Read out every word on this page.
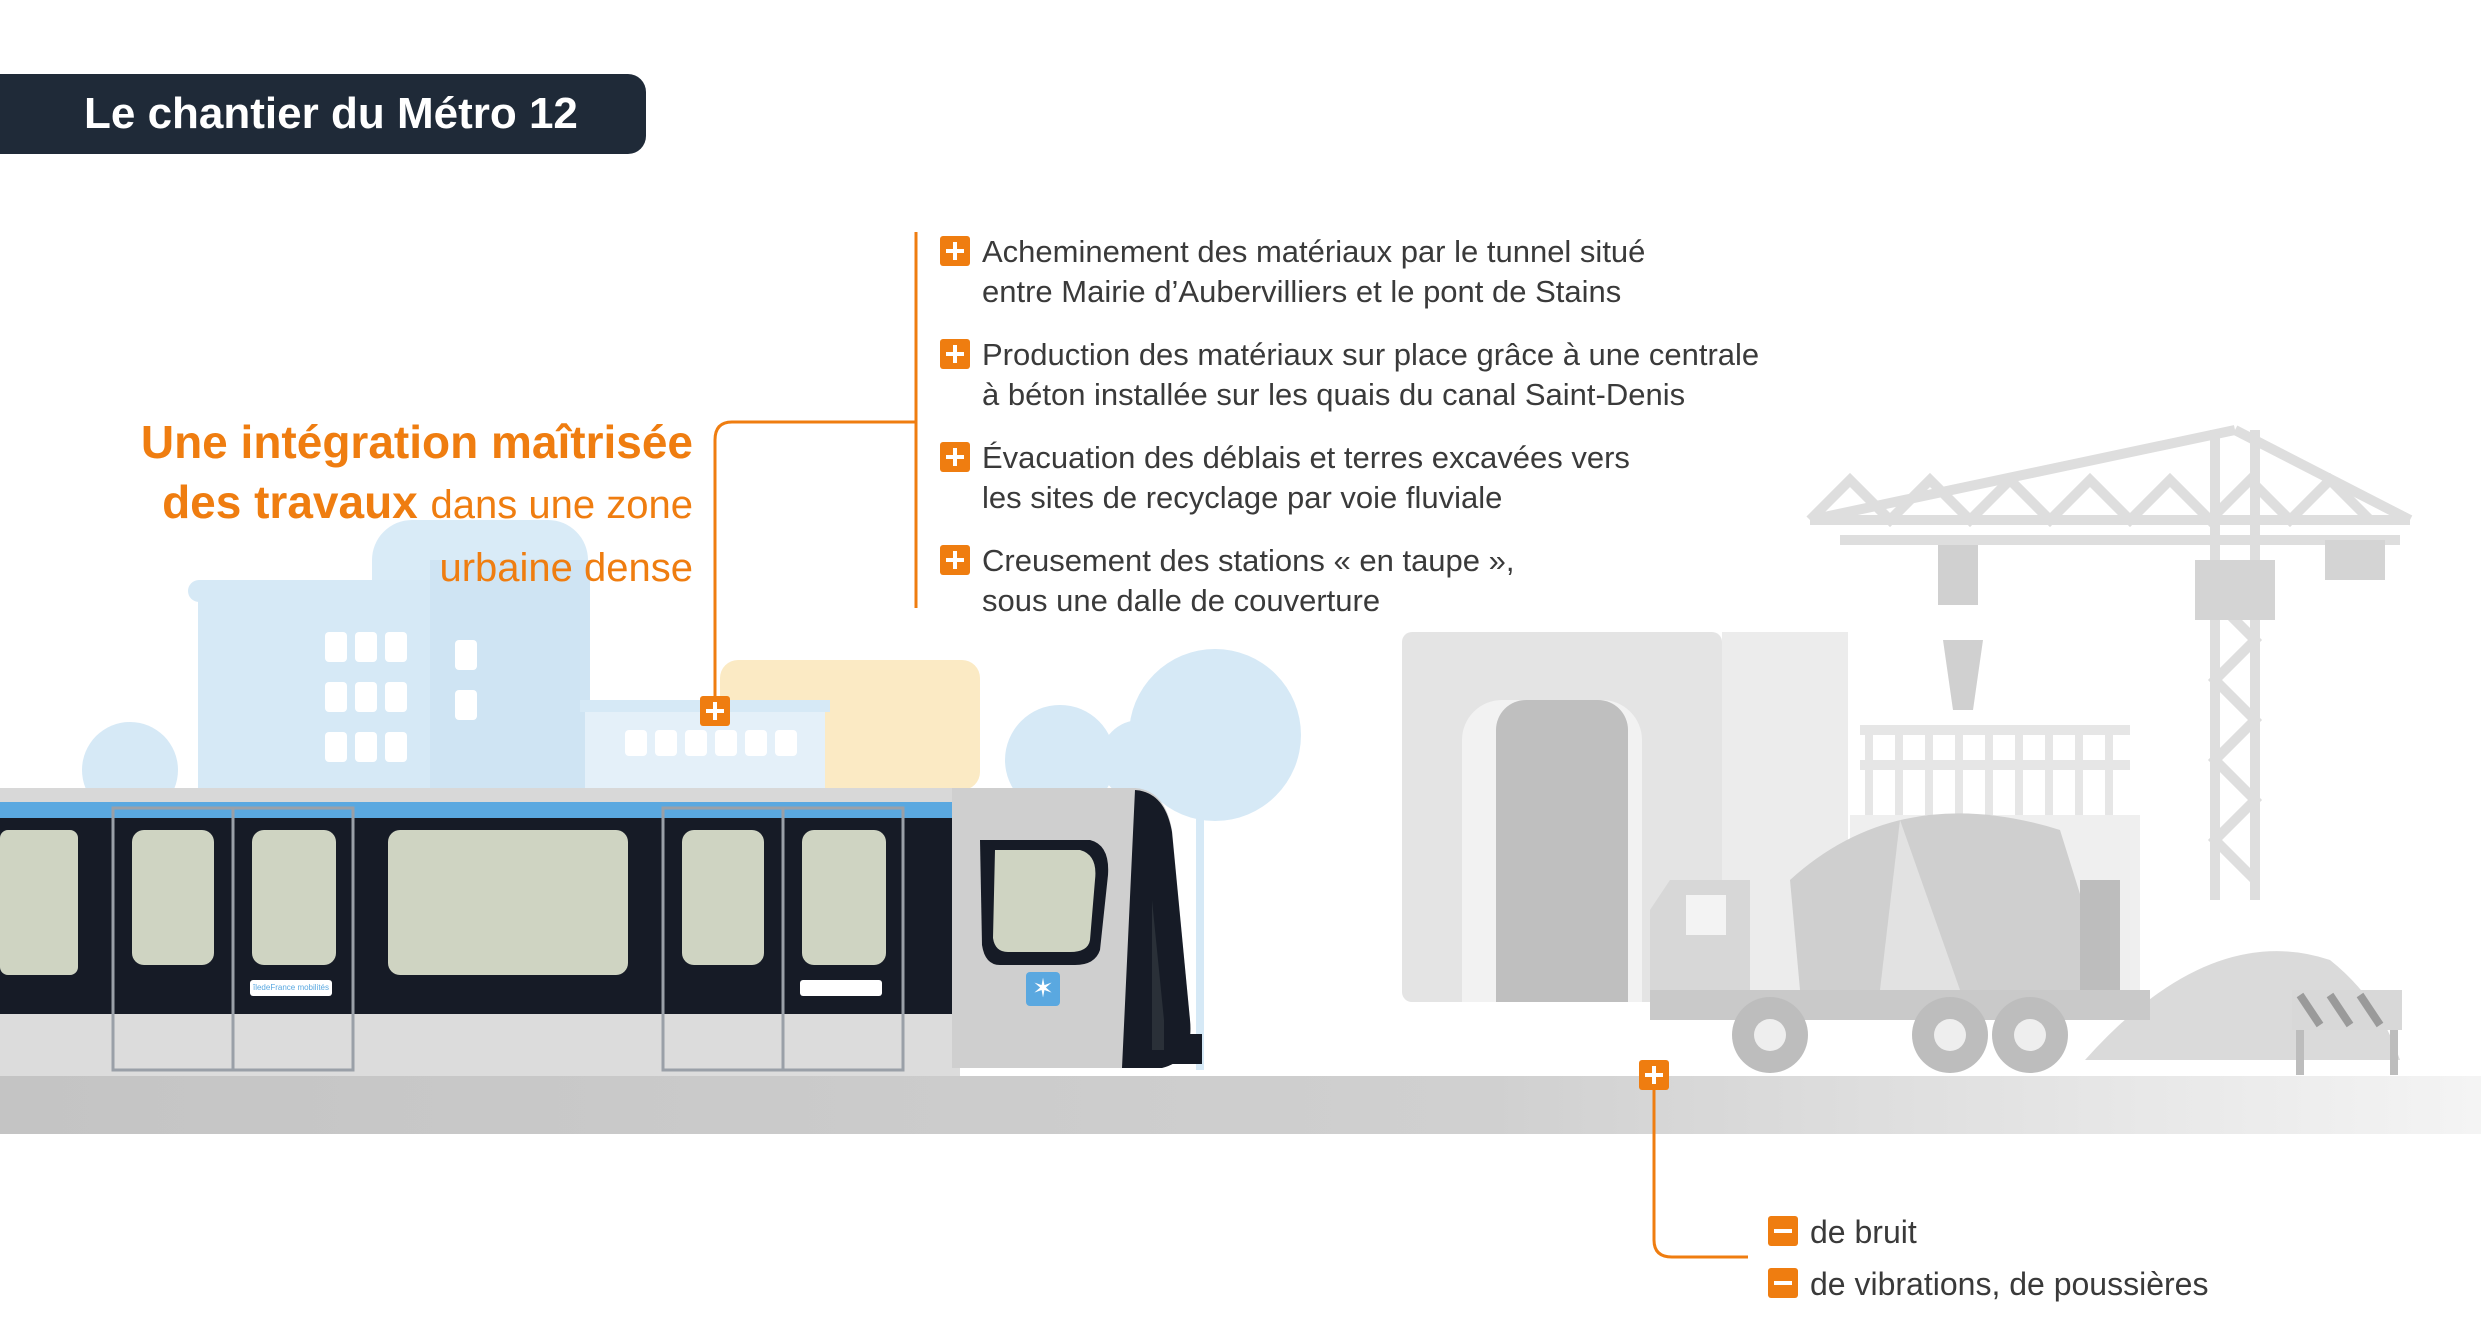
Le chantier du Métro 12
Une intégration maîtrisée
des travaux dans une zone
urbaine dense
Acheminement des matériaux par le tunnel situé
entre Mairie d’Aubervilliers et le pont de Stains
Production des matériaux sur place grâce à une centrale
à béton installée sur les quais du canal Saint-Denis
Évacuation des déblais et terres excavées vers
les sites de recyclage par voie fluviale
Creusement des stations « en taupe »,
sous une dalle de couverture
de bruit
de vibrations, de poussières
îledeFrance mobilités	✶
